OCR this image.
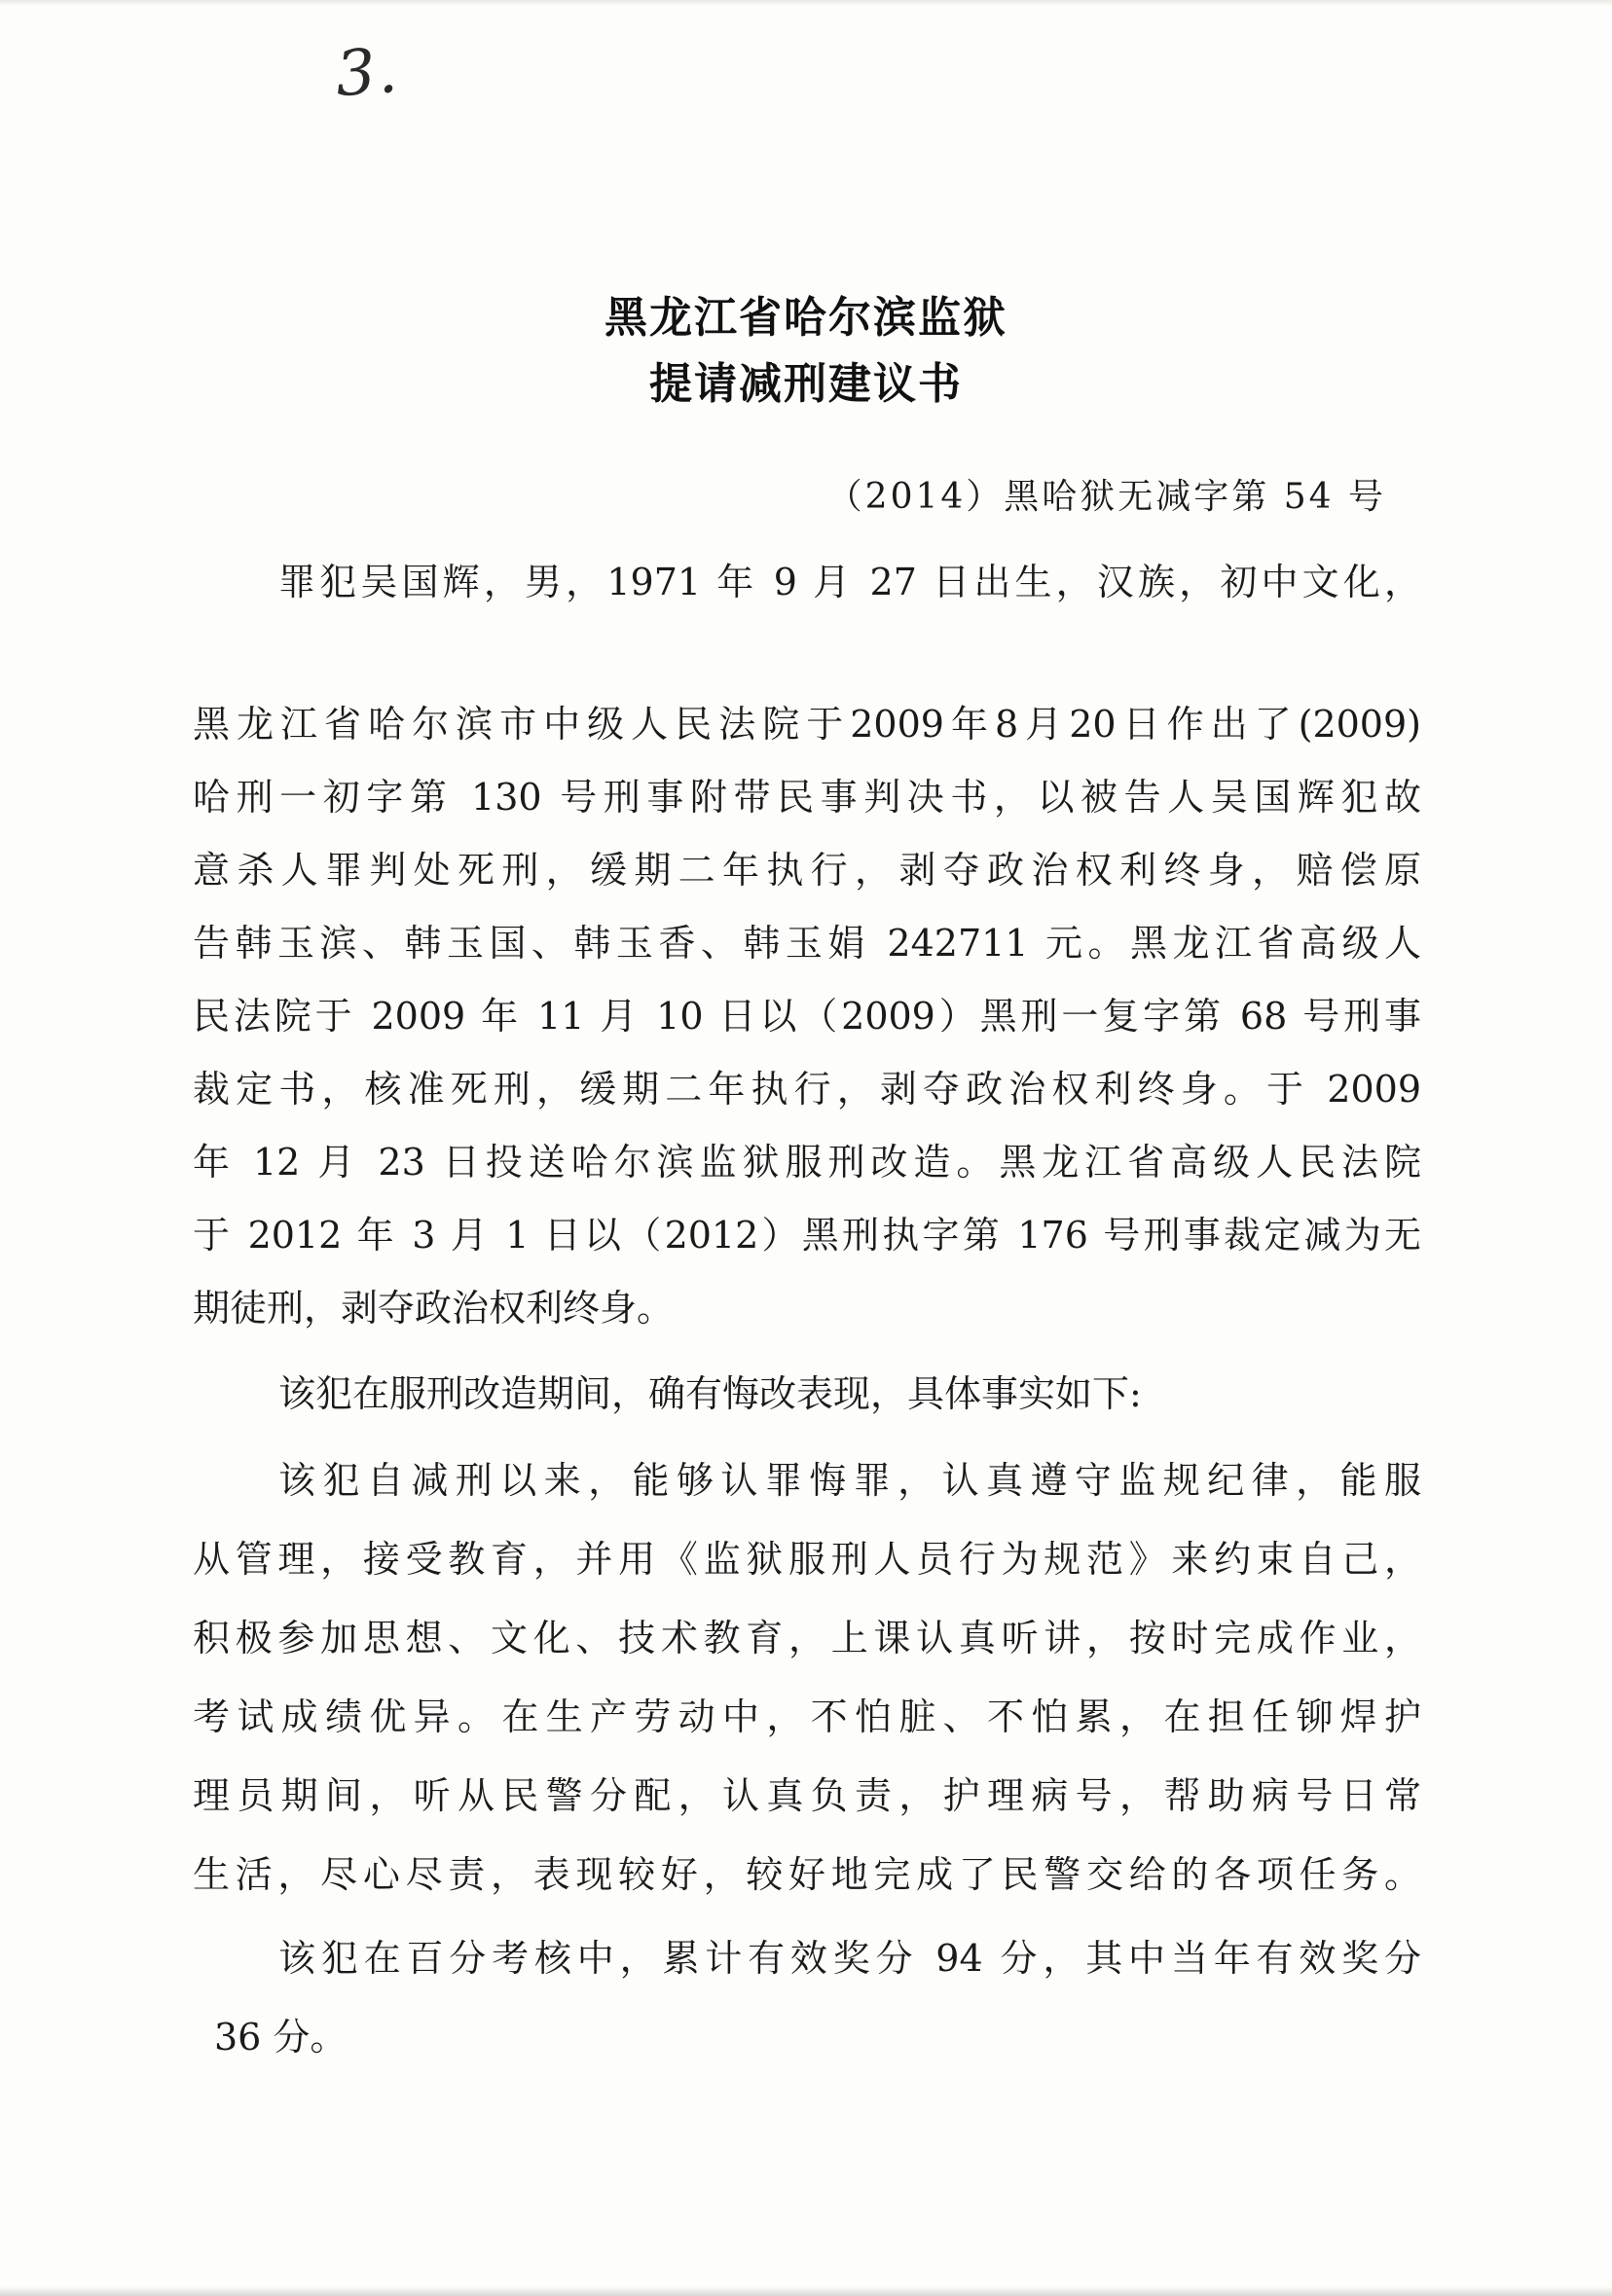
3.
黑龙江省哈尔滨监狱
提请减刑建议书
（2014）黑哈狱无减字第 54 号
罪犯吴国辉，男，1971 年 9 月 27 日出生，汉族，初中文化，
黑龙江省哈尔滨市中级人民法院于2009年8月20日作出了(2009)
哈刑一初字第 130 号刑事附带民事判决书，以被告人吴国辉犯故
意杀人罪判处死刑，缓期二年执行，剥夺政治权利终身，赔偿原
告韩玉滨、韩玉国、韩玉香、韩玉娟 242711 元。黑龙江省高级人
民法院于 2009 年 11 月 10 日以（2009）黑刑一复字第 68 号刑事
裁定书，核准死刑，缓期二年执行，剥夺政治权利终身。于 2009
年 12 月 23 日投送哈尔滨监狱服刑改造。黑龙江省高级人民法院
于 2012 年 3 月 1 日以（2012）黑刑执字第 176 号刑事裁定减为无
期徒刑，剥夺政治权利终身。
该犯在服刑改造期间，确有悔改表现，具体事实如下:
该犯自减刑以来，能够认罪悔罪，认真遵守监规纪律，能服
从管理，接受教育，并用《监狱服刑人员行为规范》来约束自己，
积极参加思想、文化、技术教育，上课认真听讲，按时完成作业，
考试成绩优异。在生产劳动中，不怕脏、不怕累，在担任铆焊护
理员期间，听从民警分配，认真负责，护理病号，帮助病号日常
生活，尽心尽责，表现较好，较好地完成了民警交给的各项任务。
该犯在百分考核中，累计有效奖分 94 分，其中当年有效奖分
36 分。
